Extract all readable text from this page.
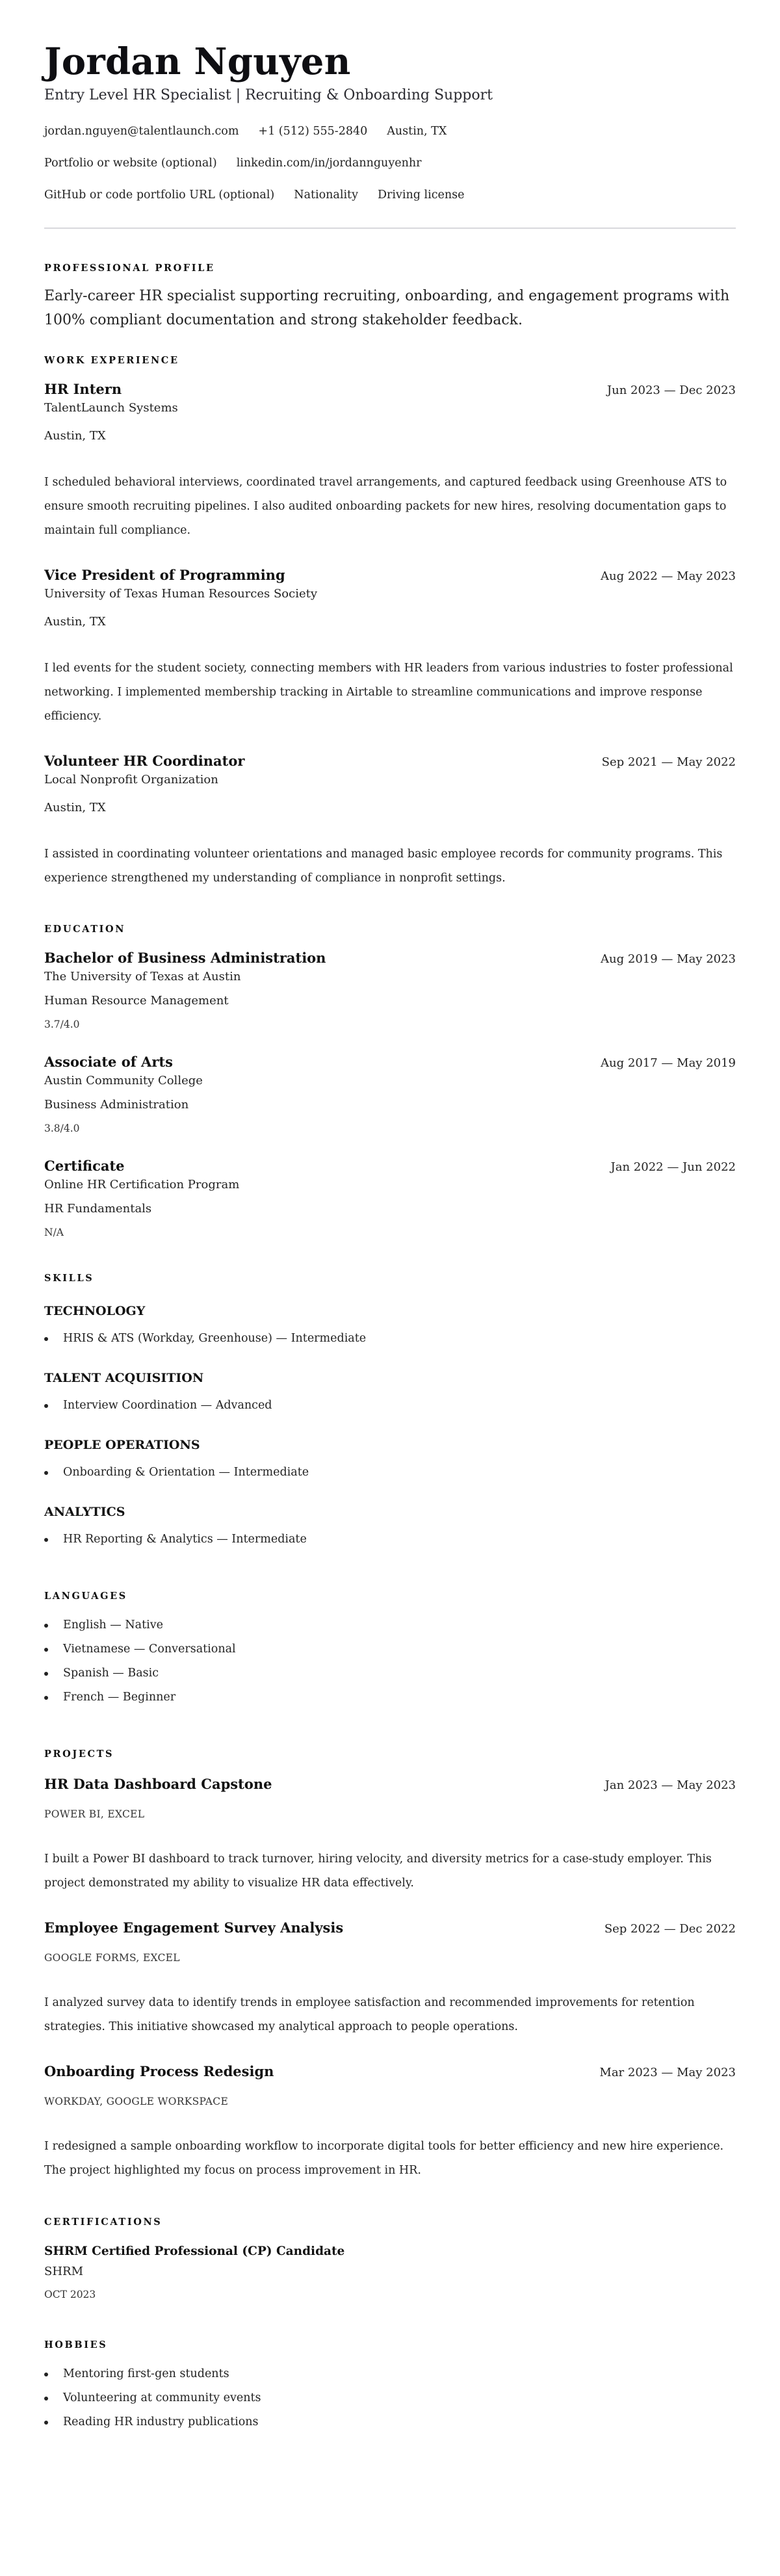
Jordan Nguyen
Entry Level HR Specialist | Recruiting & Onboarding Support
jordan.nguyen@talentlaunch.com +1 (512) 555-2840 Austin, TX
Portfolio or website (optional) linkedin.com/in/jordannguyenhr
GitHub or code portfolio URL (optional) Nationality Driving license
PROFESSIONAL PROFILE

Early-career HR specialist supporting recruiting, onboarding, and engagement programs with 100% compliant documentation and strong stakeholder feedback.

WORK EXPERIENCE
HR Intern	Jun 2023 — Dec 2023
TalentLaunch Systems
Austin, TX

I scheduled behavioral interviews, coordinated travel arrangements, and captured feedback using Greenhouse ATS to ensure smooth recruiting pipelines. I also audited onboarding packets for new hires, resolving documentation gaps to maintain full compliance.

Vice President of Programming	Aug 2022 — May 2023
University of Texas Human Resources Society
Austin, TX

I led events for the student society, connecting members with HR leaders from various industries to foster professional networking. I implemented membership tracking in Airtable to streamline communications and improve response efficiency.

Volunteer HR Coordinator	Sep 2021 — May 2022
Local Nonprofit Organization
Austin, TX

I assisted in coordinating volunteer orientations and managed basic employee records for community programs. This experience strengthened my understanding of compliance in nonprofit settings.

EDUCATION
Bachelor of Business Administration	Aug 2019 — May 2023
The University of Texas at Austin
Human Resource Management
3.7/4.0
Associate of Arts	Aug 2017 — May 2019
Austin Community College
Business Administration
3.8/4.0
Certificate	Jan 2022 — Jun 2022
Online HR Certification Program
HR Fundamentals
N/A
SKILLS
TECHNOLOGY
HRIS & ATS (Workday, Greenhouse) — Intermediate
TALENT ACQUISITION
Interview Coordination — Advanced
PEOPLE OPERATIONS
Onboarding & Orientation — Intermediate
ANALYTICS
HR Reporting & Analytics — Intermediate
LANGUAGES
English — Native
Vietnamese — Conversational
Spanish — Basic
French — Beginner
PROJECTS
HR Data Dashboard Capstone	Jan 2023 — May 2023
POWER BI, EXCEL

I built a Power BI dashboard to track turnover, hiring velocity, and diversity metrics for a case-study employer. This project demonstrated my ability to visualize HR data effectively.

Employee Engagement Survey Analysis	Sep 2022 — Dec 2022
GOOGLE FORMS, EXCEL

I analyzed survey data to identify trends in employee satisfaction and recommended improvements for retention strategies. This initiative showcased my analytical approach to people operations.

Onboarding Process Redesign	Mar 2023 — May 2023
WORKDAY, GOOGLE WORKSPACE

I redesigned a sample onboarding workflow to incorporate digital tools for better efficiency and new hire experience. The project highlighted my focus on process improvement in HR.

CERTIFICATIONS
SHRM Certified Professional (CP) Candidate
SHRM
OCT 2023
HOBBIES
Mentoring first-gen students
Volunteering at community events
Reading HR industry publications
